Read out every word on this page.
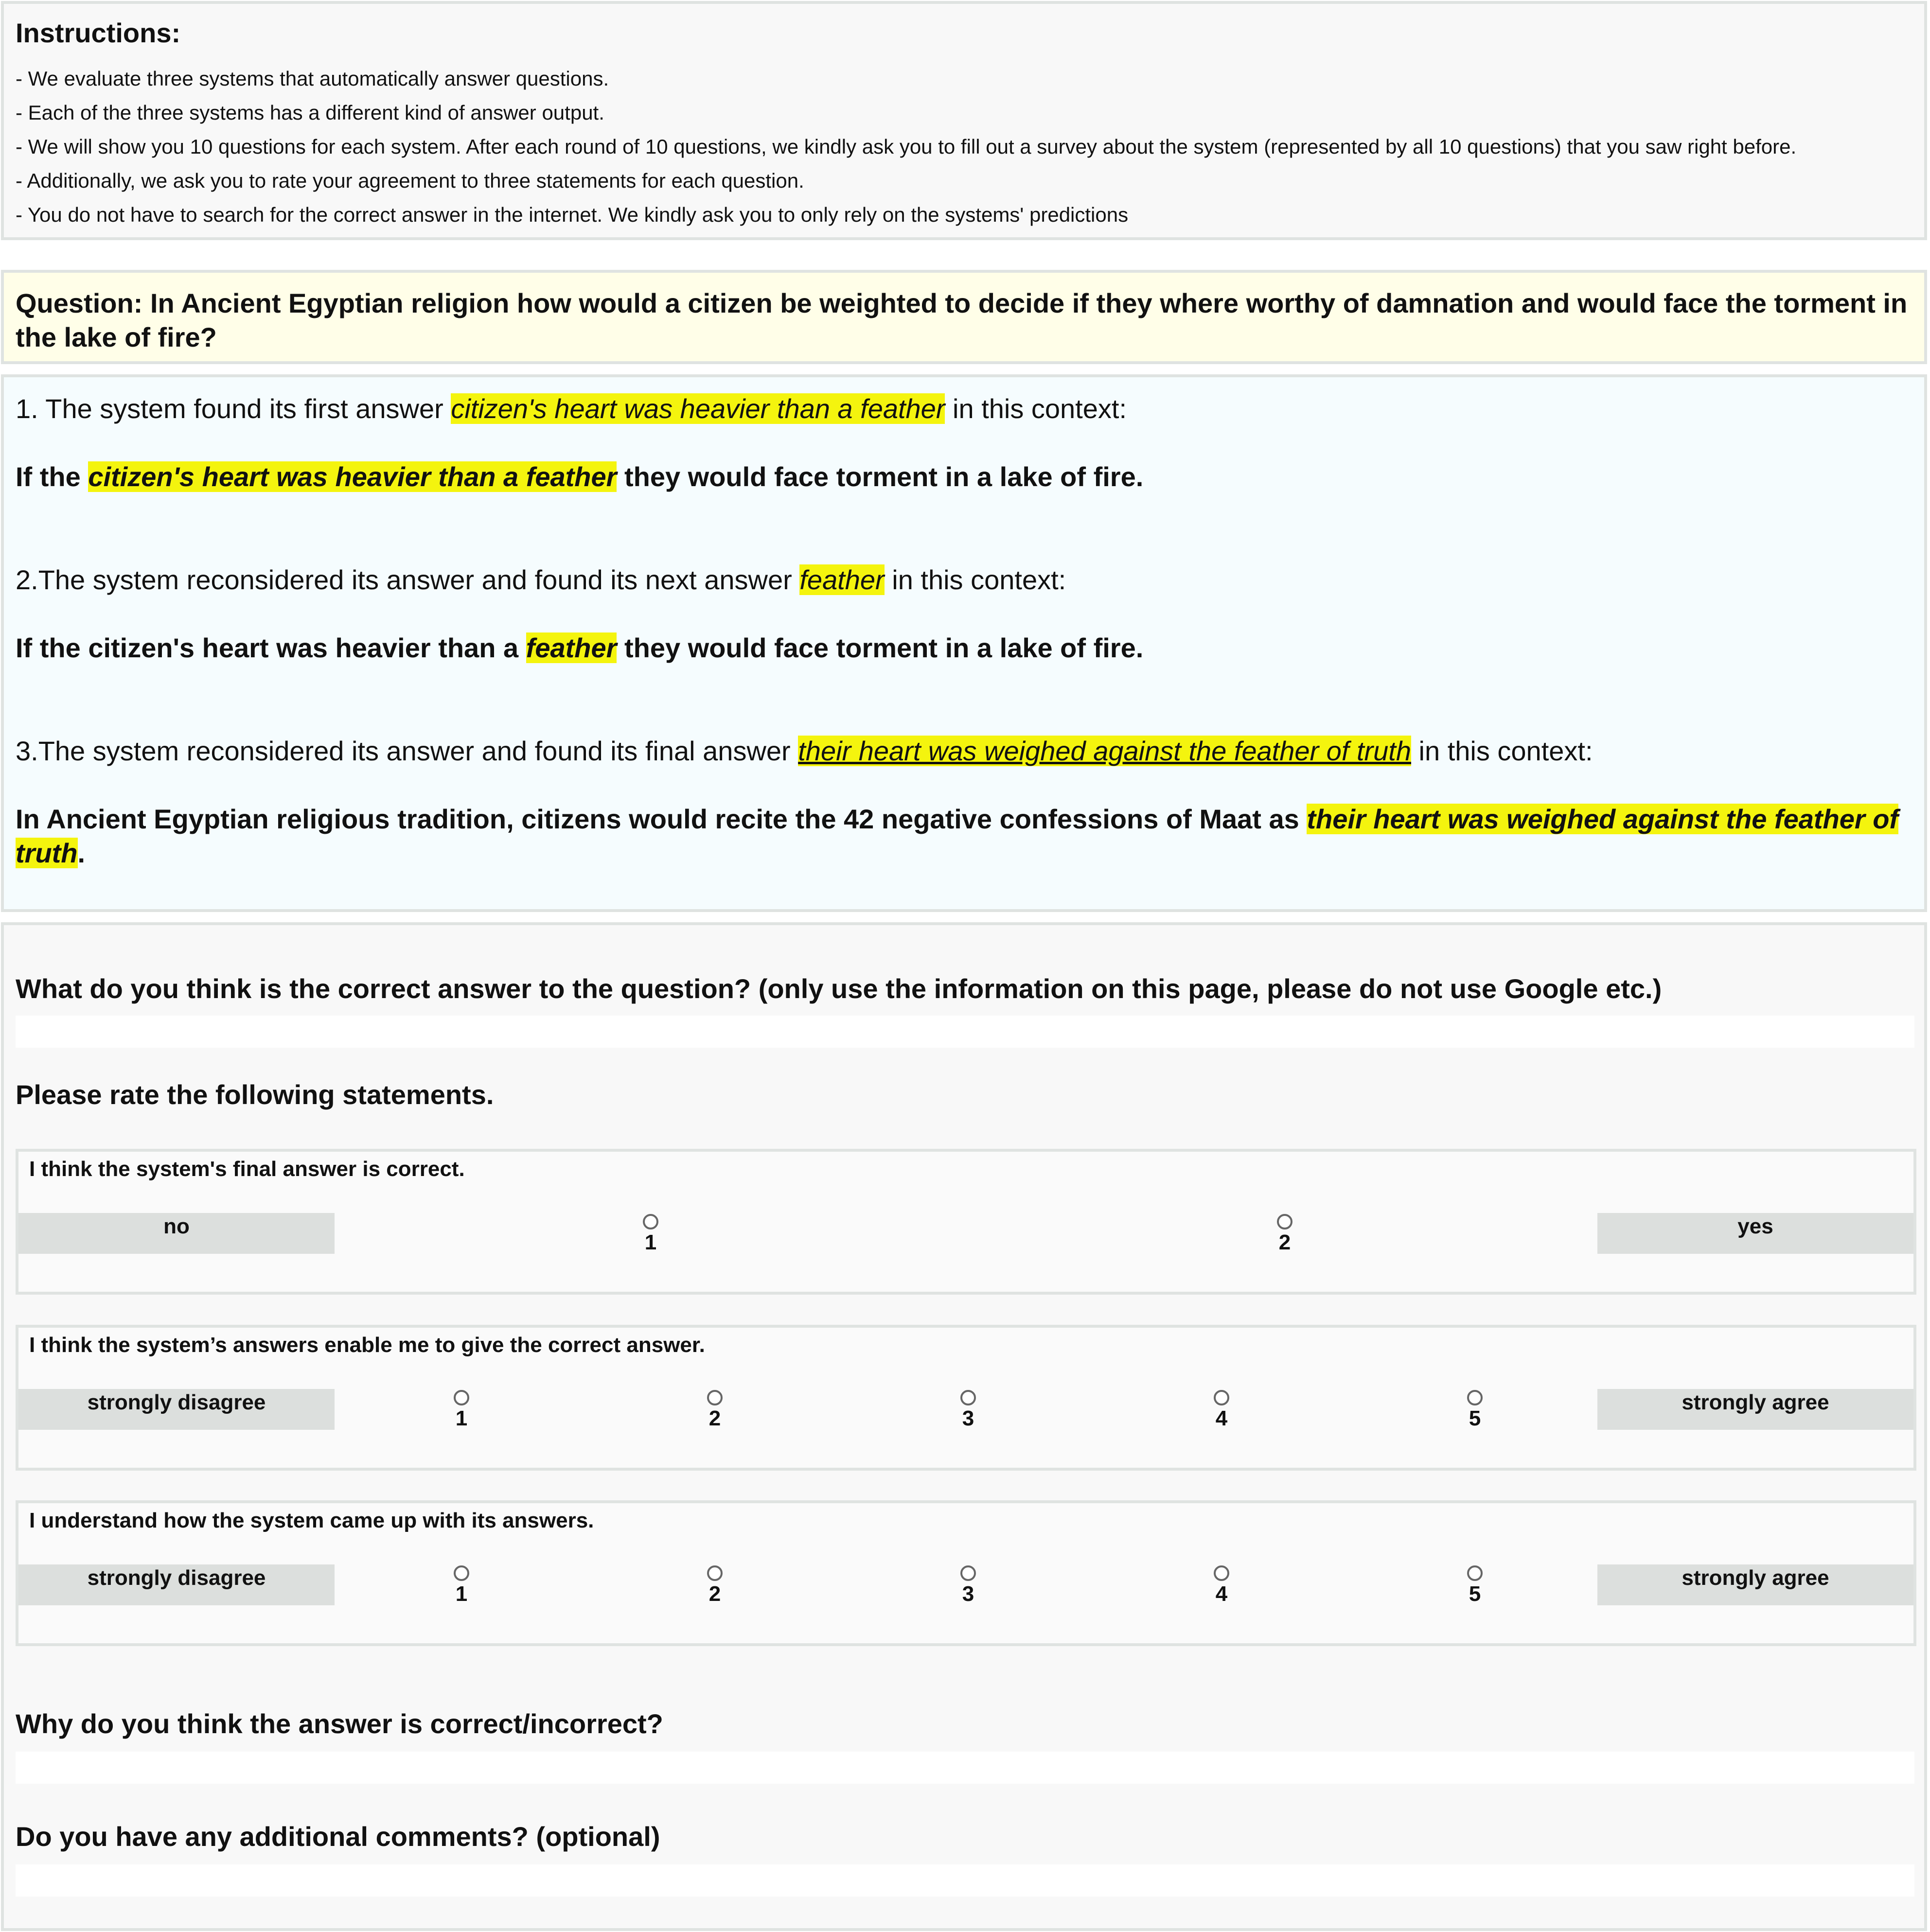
Instructions:
- We evaluate three systems that automatically answer questions.
- Each of the three systems has a different kind of answer output.
- We will show you 10 questions for each system. After each round of 10 questions, we kindly ask you to fill out a survey about the system (represented by all 10 questions) that you saw right before.
- Additionally, we ask you to rate your agreement to three statements for each question.
- You do not have to search for the correct answer in the internet. We kindly ask you to only rely on the systems' predictions
Question: In Ancient Egyptian religion how would a citizen be weighted to decide if they where worthy of damnation and would face the torment in the lake of fire?

1. The system found its first answer citizen's heart was heavier than a feather in this context:

If the citizen's heart was heavier than a feather they would face torment in a lake of fire.

2.The system reconsidered its answer and found its next answer feather in this context:

If the citizen's heart was heavier than a feather they would face torment in a lake of fire.

3.The system reconsidered its answer and found its final answer their heart was weighed against the feather of truth in this context:

In Ancient Egyptian religious tradition, citizens would recite the 42 negative confessions of Maat as their heart was weighed against the feather of truth.

What do you think is the correct answer to the question? (only use the information on this page, please do not use Google etc.)
Please rate the following statements.
I think the system's final answer is correct.
no
1	2
yes
I think the system’s answers enable me to give the correct answer.
strongly disagree
1	2	3	4	5
strongly agree
I understand how the system came up with its answers.
strongly disagree
1	2	3	4	5
strongly agree
Why do you think the answer is correct/incorrect?
Do you have any additional comments? (optional)
